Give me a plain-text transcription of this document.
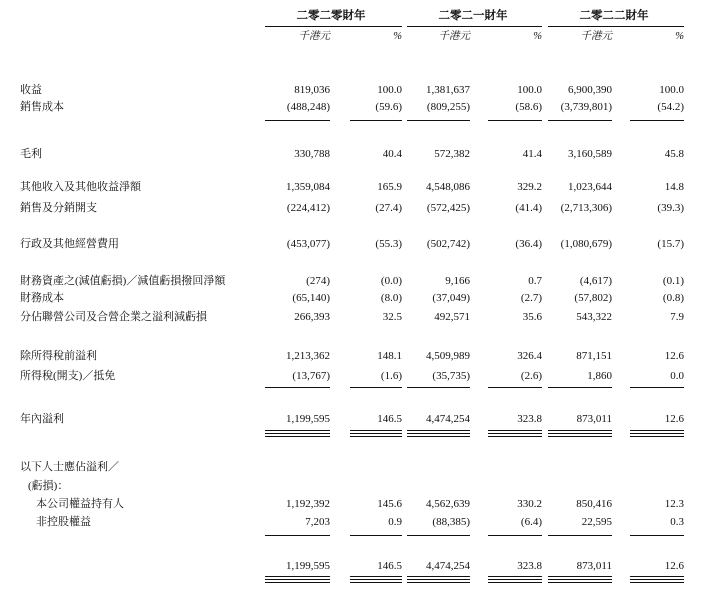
二零二零財年	二零二一財年	二零二二財年
千港元	%	千港元	%	千港元	%
收益	819,036	100.0	1,381,637	100.0	6,900,390	100.0
銷售成本	(488,248)	(59.6)	(809,255)	(58.6)	(3,739,801)	(54.2)
毛利	330,788	40.4	572,382	41.4	3,160,589	45.8
其他收入及其他收益淨額	1,359,084	165.9	4,548,086	329.2	1,023,644	14.8
銷售及分銷開支	(224,412)	(27.4)	(572,425)	(41.4)	(2,713,306)	(39.3)
行政及其他經營費用	(453,077)	(55.3)	(502,742)	(36.4)	(1,080,679)	(15.7)
財務資產之(減值虧損)／減值虧損撥回淨額	(274)	(0.0)	9,166	0.7	(4,617)	(0.1)
財務成本	(65,140)	(8.0)	(37,049)	(2.7)	(57,802)	(0.8)
分佔聯營公司及合營企業之溢利減虧損	266,393	32.5	492,571	35.6	543,322	7.9
除所得稅前溢利	1,213,362	148.1	4,509,989	326.4	871,151	12.6
所得稅(開支)／抵免	(13,767)	(1.6)	(35,735)	(2.6)	1,860	0.0
年內溢利	1,199,595	146.5	4,474,254	323.8	873,011	12.6
以下人士應佔溢利／
(虧損)：
本公司權益持有人	1,192,392	145.6	4,562,639	330.2	850,416	12.3
非控股權益	7,203	0.9	(88,385)	(6.4)	22,595	0.3
1,199,595	146.5	4,474,254	323.8	873,011	12.6
